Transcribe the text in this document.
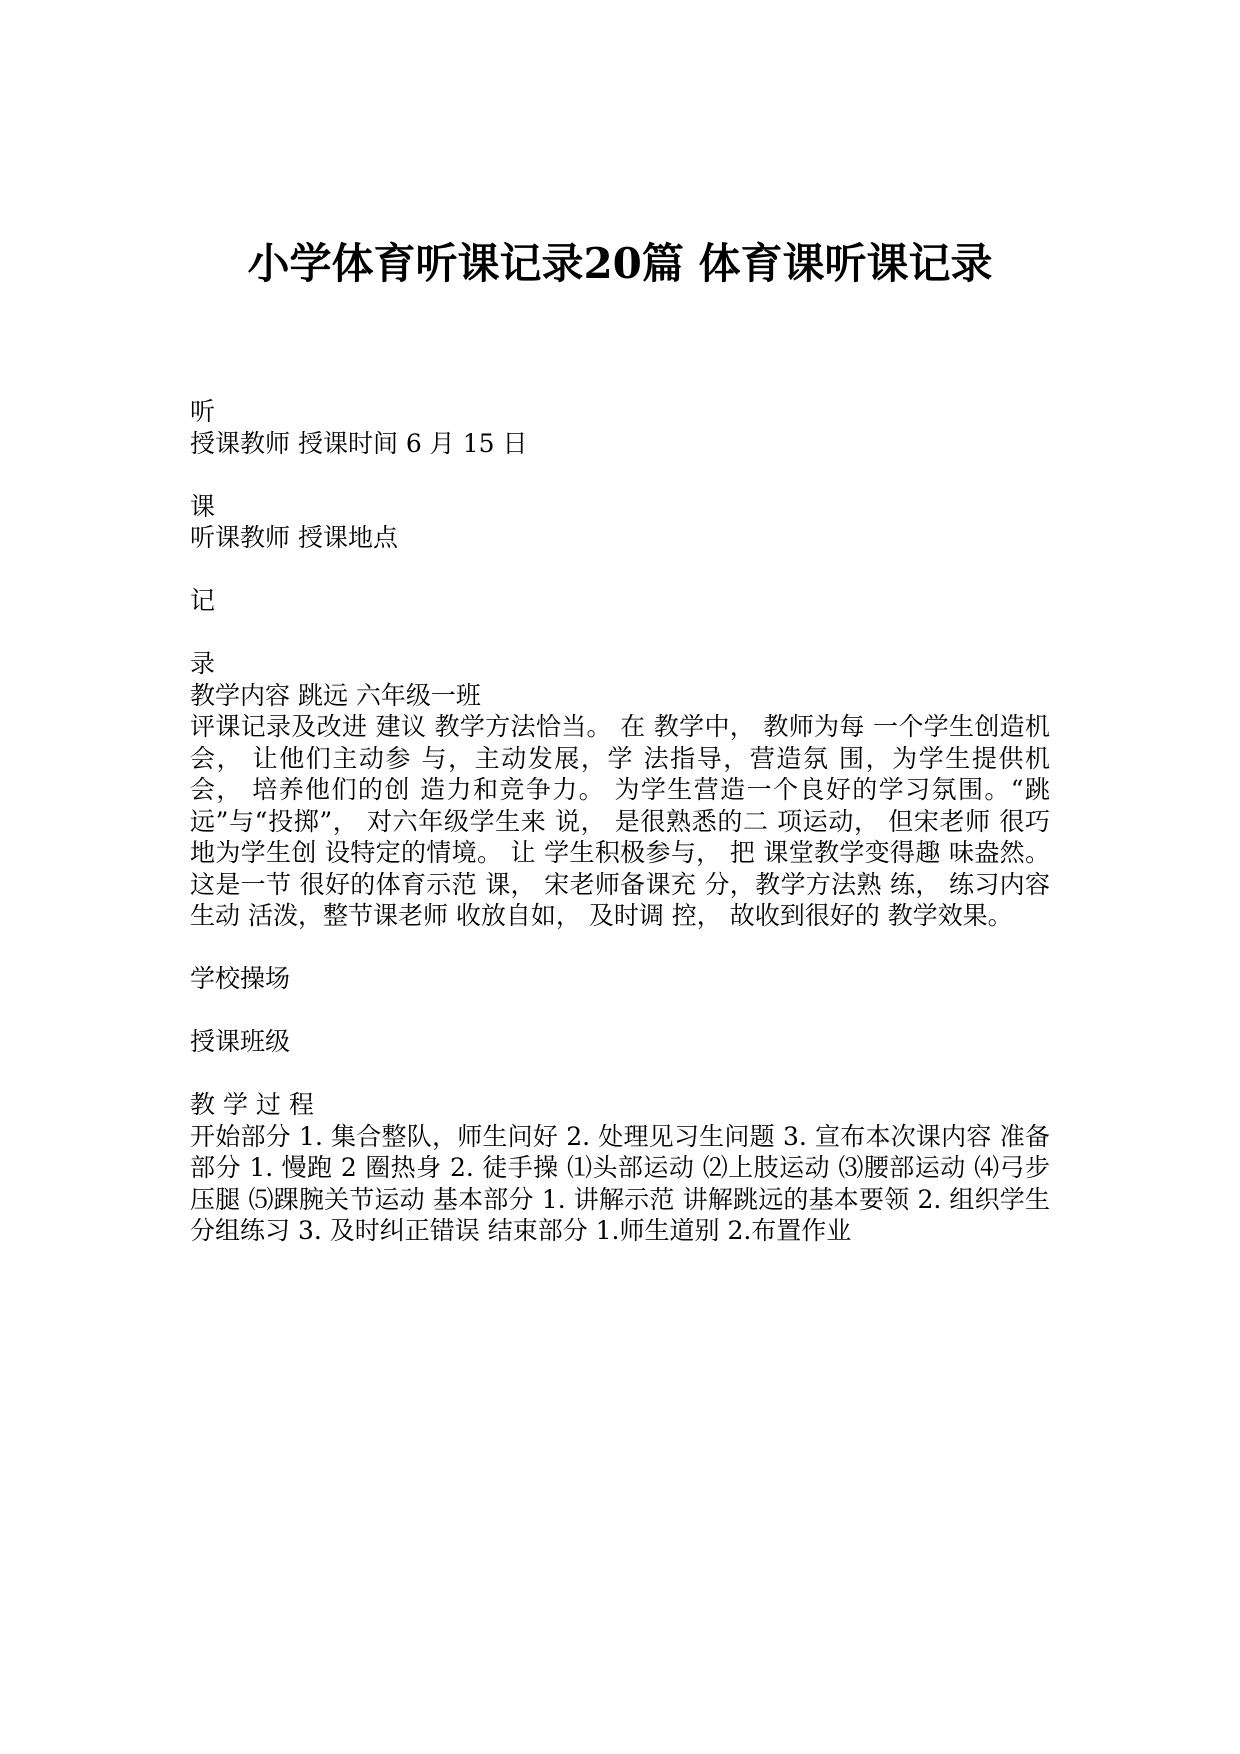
小学体育听课记录20篇 体育课听课记录
听
授课教师 授课时间 6 月 15 日
课
听课教师 授课地点
记
录
教学内容 跳远 六年级一班
评课记录及改进 建议 教学方法恰当。 在 教学中， 教师为每 一个学生创造机 会， 让他们主动参 与，主动发展，学 法指导，营造氛 围，为学生提供机 会， 培养他们的创 造力和竞争力。 为学生营造一个良好的学习氛围。“跳远”与“投掷”， 对六年级学生来 说， 是很熟悉的二 项运动， 但宋老师 很巧地为学生创 设特定的情境。 让 学生积极参与， 把 课堂教学变得趣 味盎然。 这是一节 很好的体育示范 课， 宋老师备课充 分，教学方法熟 练， 练习内容生动 活泼，整节课老师 收放自如， 及时调 控， 故收到很好的 教学效果。
学校操场
授课班级
教 学 过 程
开始部分 1. 集合整队，师生问好 2. 处理见习生问题 3. 宣布本次课内容 准备部分 1. 慢跑 2 圈热身 2. 徒手操 ⑴头部运动 ⑵上肢运动 ⑶腰部运动 ⑷弓步压腿 ⑸踝腕关节运动 基本部分 1. 讲解示范 讲解跳远的基本要领 2. 组织学生分组练习 3. 及时纠正错误 结束部分 1.师生道别 2.布置作业
